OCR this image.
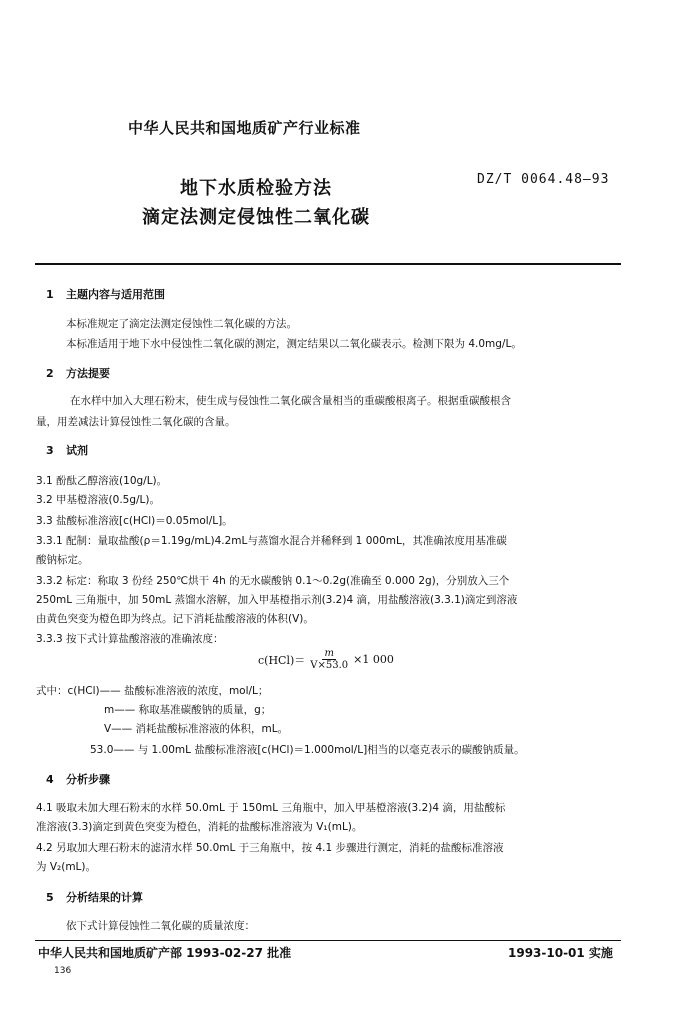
中华人民共和国地质矿产行业标准
地下水质检验方法
滴定法测定侵蚀性二氧化碳
DZ/T 0064.48—93
1 主题内容与适用范围
本标准规定了滴定法测定侵蚀性二氧化碳的方法。
本标准适用于地下水中侵蚀性二氧化碳的测定，测定结果以二氧化碳表示。检测下限为 4.0mg/L。
2 方法提要
在水样中加入大理石粉末，使生成与侵蚀性二氧化碳含量相当的重碳酸根离子。根据重碳酸根含
量，用差减法计算侵蚀性二氧化碳的含量。
3 试剂
3.1 酚酞乙醇溶液(10g/L)。
3.2 甲基橙溶液(0.5g/L)。
3.3 盐酸标准溶液[c(HCl)＝0.05mol/L]。
3.3.1 配制：量取盐酸(ρ＝1.19g/mL)4.2mL与蒸馏水混合并稀释到 1 000mL，其准确浓度用基准碳
酸钠标定。
3.3.2 标定：称取 3 份经 250℃烘干 4h 的无水碳酸钠 0.1～0.2g(准确至 0.000 2g)，分别放入三个
250mL 三角瓶中，加 50mL 蒸馏水溶解，加入甲基橙指示剂(3.2)4 滴，用盐酸溶液(3.3.1)滴定到溶液
由黄色突变为橙色即为终点。记下消耗盐酸溶液的体积(V)。
3.3.3 按下式计算盐酸溶液的准确浓度：
$c(HCl)= \frac{m}{V\times 53.0} \times 1$ 000
式中：c(HCl)—— 盐酸标准溶液的浓度，mol/L；
m—— 称取基准碳酸钠的质量，g；
V—— 消耗盐酸标准溶液的体积，mL。
53.0—— 与 1.00mL 盐酸标准溶液[c(HCl)＝1.000mol/L]相当的以毫克表示的碳酸钠质量。
4 分析步骤
4.1 吸取未加大理石粉末的水样 50.0mL 于 150mL 三角瓶中，加入甲基橙溶液(3.2)4 滴，用盐酸标
准溶液(3.3)滴定到黄色突变为橙色，消耗的盐酸标准溶液为 V₁(mL)。
4.2 另取加大理石粉末的滤清水样 50.0mL 于三角瓶中，按 4.1 步骤进行测定，消耗的盐酸标准溶液
为 V₂(mL)。
5 分析结果的计算
依下式计算侵蚀性二氧化碳的质量浓度：
中华人民共和国地质矿产部 1993-02-27 批准	1993-10-01 实施
136
